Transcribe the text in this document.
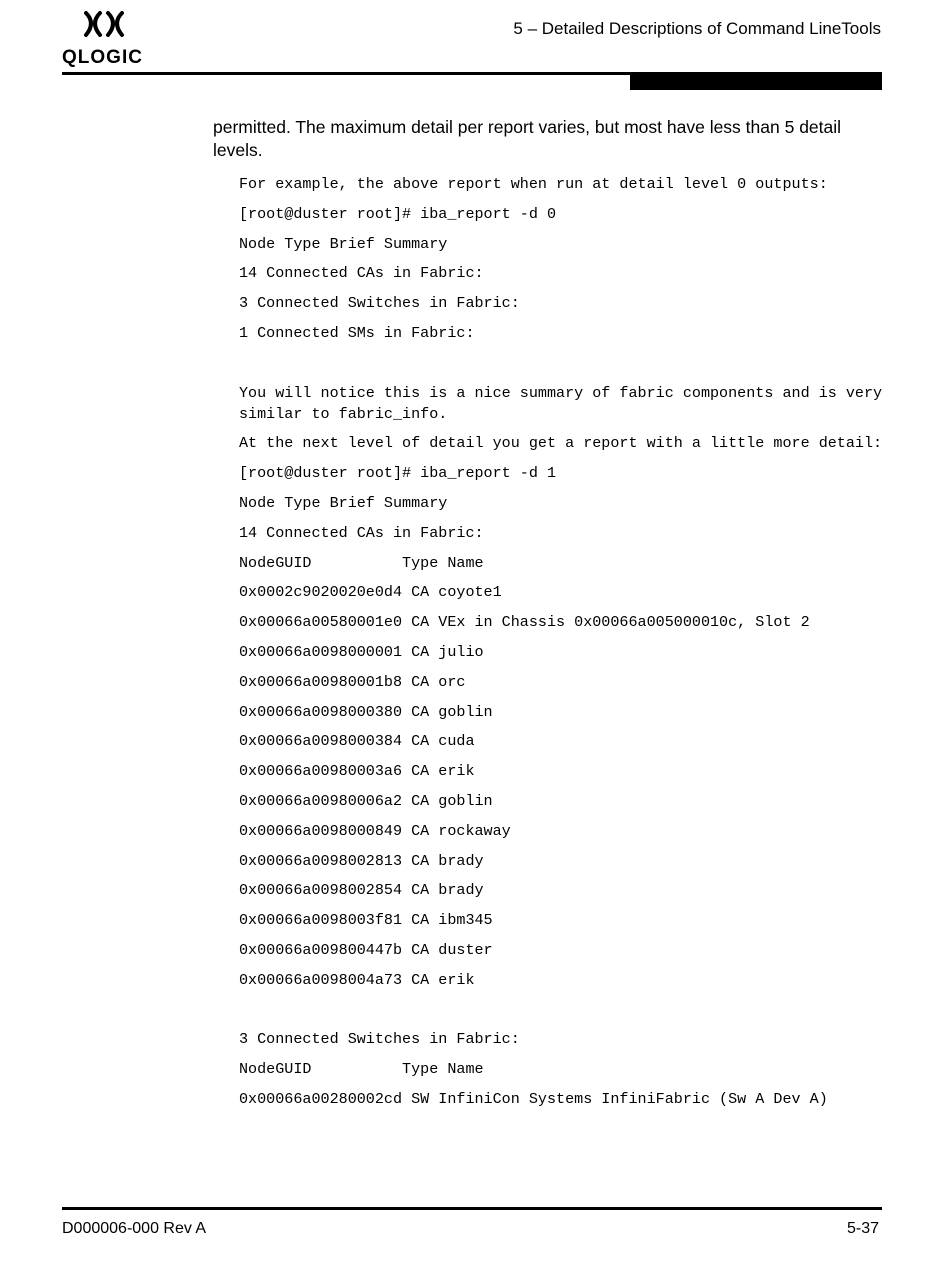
QLOGIC
5 – Detailed Descriptions of Command LineTools
permitted. The maximum detail per report varies, but most have less than 5 detail levels.
For example, the above report when run at detail level 0 outputs:
[root@duster root]# iba_report -d 0
Node Type Brief Summary
14 Connected CAs in Fabric:
3 Connected Switches in Fabric:
1 Connected SMs in Fabric:
You will notice this is a nice summary of fabric components and is very similar to fabric_info.
At the next level of detail you get a report with a little more detail:
[root@duster root]# iba_report -d 1
Node Type Brief Summary
14 Connected CAs in Fabric:
NodeGUID          Type Name
0x0002c9020020e0d4 CA coyote1
0x00066a00580001e0 CA VEx in Chassis 0x00066a005000010c, Slot 2
0x00066a0098000001 CA julio
0x00066a00980001b8 CA orc
0x00066a0098000380 CA goblin
0x00066a0098000384 CA cuda
0x00066a00980003a6 CA erik
0x00066a00980006a2 CA goblin
0x00066a0098000849 CA rockaway
0x00066a0098002813 CA brady
0x00066a0098002854 CA brady
0x00066a0098003f81 CA ibm345
0x00066a009800447b CA duster
0x00066a0098004a73 CA erik
3 Connected Switches in Fabric:
NodeGUID          Type Name
0x00066a00280002cd SW InfiniCon Systems InfiniFabric (Sw A Dev A)
D000006-000 Rev A	5-37
